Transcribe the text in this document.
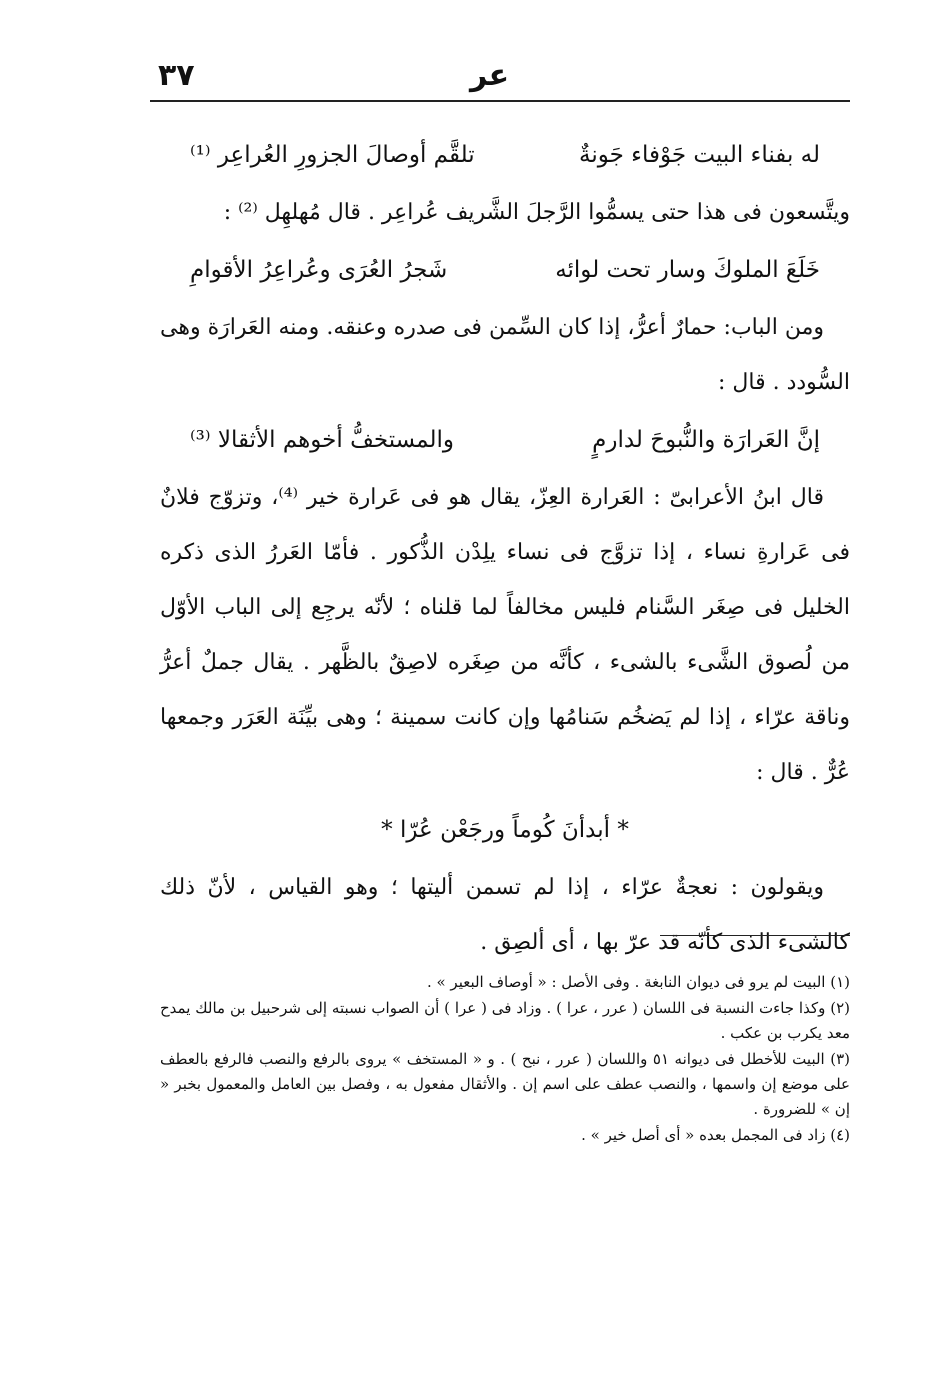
٣٧	عر
له بفناء البيت جَوْفاء جَونةٌ
تلقَّم أوصالَ الجزورِ العُراعِر ⁽¹⁾

ويتَّسعون فى هذا حتى يسمُّوا الرَّجلَ الشَّريف عُراعِر . قال مُهلهِل ⁽²⁾ :

خَلَعَ الملوكَ وسار تحت لوائه
شَجرُ العُرَى وعُراعِرُ الأقوامِ

ومن الباب: حمارٌ أعرُّ، إذا كان السِّمن فى صدره وعنقه. ومنه العَرارَة وهى السُّودد . قال :

إنَّ العَرارَة والنُّبوحَ لدارمٍ
والمستخفُّ أخوهم الأثقالا ⁽³⁾

قال ابنُ الأعرابىّ : العَرارة العِزّ، يقال هو فى عَرارة خير ⁽⁴⁾، وتزوّج فلانٌ فى عَرارةِ نساء ، إذا تزوَّج فى نساء يلِدْن الذُّكور . فأمّا العَررُ الذى ذكره الخليل فى صِغَر السَّنام فليس مخالفاً لما قلناه ؛ لأنّه يرجِع إلى الباب الأوّل من لُصوق الشَّىء بالشىء ، كأنَّه من صِغَره لاصِقٌ بالظَّهر . يقال جملٌ أعرُّ وناقة عرّاء ، إذا لم يَضخُم سَنامُها وإن كانت سمينة ؛ وهى بيِّنَة العَرَر وجمعها عُرٌّ . قال :

* أبدأنَ كُوماً ورجَعْن عُرّا *

ويقولون : نعجةٌ عرّاء ، إذا لم تسمن أليتها ؛ وهو القياس ، لأنّ ذلك كالشىء الذى كأنّه قد عرّ بها ، أى ألصِق .

(١) البيت لم يرو فى ديوان النابغة . وفى الأصل : « أوصاف البعير » .

(٢) وكذا جاءت النسبة فى اللسان ( عرر ، عرا ) . وزاد فى ( عرا ) أن الصواب نسبته إلى شرحبيل بن مالك يمدح معد يكرب بن عكب .

(٣) البيت للأخطل فى ديوانه ٥١ واللسان ( عرر ، نبح ) . و « المستخف » يروى بالرفع والنصب فالرفع بالعطف على موضع إن واسمها ، والنصب عطف على اسم إن . والأثقال مفعول به ، وفصل بين العامل والمعمول بخبر « إن » للضرورة .

(٤) زاد فى المجمل بعده « أى أصل خير » .
